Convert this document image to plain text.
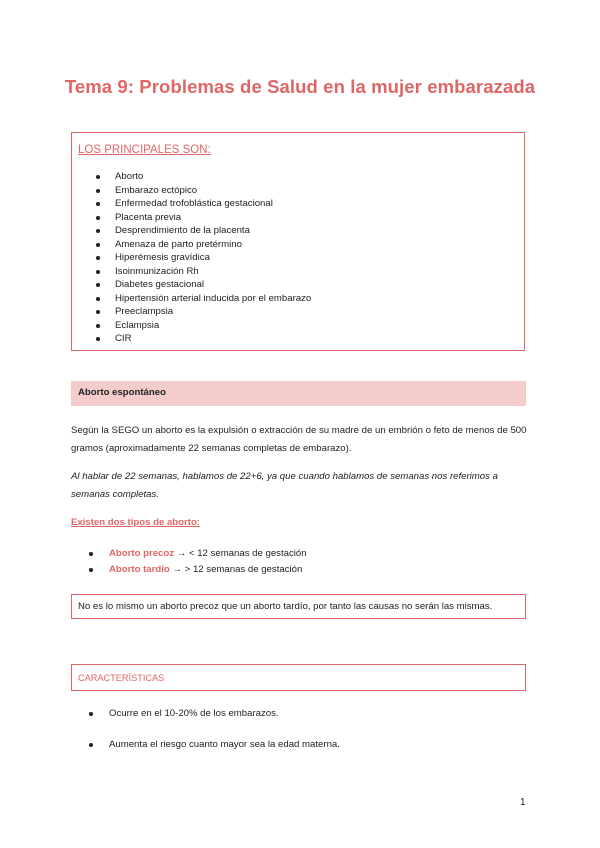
Tema 9: Problemas de Salud en la mujer embarazada
LOS PRINCIPALES SON:
Aborto
Embarazo ectópico
Enfermedad trofoblástica gestacional
Placenta previa
Desprendimiento de la placenta
Amenaza de parto pretérmino
Hiperémesis gravídica
Isoinmunización Rh
Diabetes gestacional
Hipertensión arterial inducida por el embarazo
Preeclampsia
Eclampsia
CIR
Aborto espontáneo
Según la SEGO un aborto es la expulsión o extracción de su madre de un embrión o feto de menos de 500 gramos (aproximadamente 22 semanas completas de embarazo).
Al hablar de 22 semanas, hablamos de 22+6, ya que cuando hablamos de semanas nos referimos a semanas completas.
Existen dos tipos de aborto:
Aborto precoz → < 12 semanas de gestación
Aborto tardío → > 12 semanas de gestación
No es lo mismo un aborto precoz que un aborto tardío, por tanto las causas no serán las mismas.
CARACTERÍSTICAS
Ocurre en el 10-20% de los embarazos.
Aumenta el riesgo cuanto mayor sea la edad materna.
1
